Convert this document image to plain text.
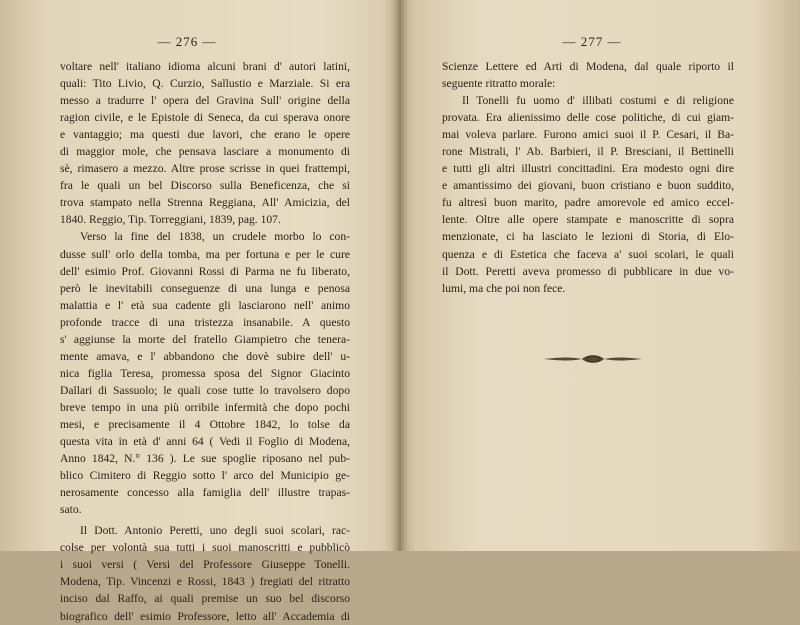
— 276 —
voltare nell' italiano idioma alcuni brani d' autori latini,
quali: Tito Livio, Q. Curzio, Sallustio e Marziale. Si era
messo a tradurre l' opera del Gravina Sull' origine della
ragion civile, e le Epistole di Seneca, da cui sperava onore
e vantaggio; ma questi due lavori, che erano le opere
di maggior mole, che pensava lasciare a monumento di
sè, rimasero a mezzo. Altre prose scrisse in quei frattempi,
fra le quali un bel Discorso sulla Beneficenza, che si
trova stampato nella Strenna Reggiana, All' Amicizia, del
1840. Reggio, Tip. Torreggiani, 1839, pag. 107.
Verso la fine del 1838, un crudele morbo lo con-
dusse sull' orlo della tomba, ma per fortuna e per le cure
dell' esimio Prof. Giovanni Rossi di Parma ne fu liberato,
però le inevitabili conseguenze di una lunga e penosa
malattia e l' età sua cadente gli lasciarono nell' animo
profonde tracce di una tristezza insanabile. A questo
s' aggiunse la morte del fratello Giampietro che tenera-
mente amava, e l' abbandono che dovè subire dell' u-
nica figlia Teresa, promessa sposa del Signor Giacinto
Dallari di Sassuolo; le quali cose tutte lo travolsero dopo
breve tempo in una più orribile infermità che dopo pochi
mesi, e precisamente il 4 Ottobre 1842, lo tolse da
questa vita in età d' anni 64 ( Vedi il Foglio di Modena,
Anno 1842, N.° 136 ). Le sue spoglie riposano nel pub-
blico Cimitero di Reggio sotto l' arco del Municipio ge-
nerosamente concesso alla famiglia dell' illustre trapas-
sato.
Il Dott. Antonio Peretti, uno degli suoi scolari, rac-
colse per volontà sua tutti i suoi manoscritti e pubblicò
i suoi versi ( Versi del Professore Giuseppe Tonelli.
Modena, Tip. Vincenzi e Rossi, 1843 ) fregiati del ritratto
inciso dal Raffo, ai quali premise un suo bel discorso
biografico dell' esimio Professore, letto all' Accademia di
— 277 —
Scienze Lettere ed Arti di Modena, dal quale riporto il
seguente ritratto morale:
Il Tonelli fu uomo d' illibati costumi e di religione
provata. Era alienissimo delle cose politiche, di cui giam-
mai voleva parlare. Furono amici suoi il P. Cesari, il Ba-
rone Mistrali, l' Ab. Barbieri, il P. Bresciani, il Bettinelli
e tutti gli altri illustri concittadini. Era modesto ogni dire
e amantissimo dei giovani, buon cristiano e buon suddito,
fu altresì buon marito, padre amorevole ed amico eccel-
lente. Oltre alle opere stampate e manoscritte di sopra
menzionate, ci ha lasciato le lezioni di Storia, di Elo-
quenza e di Estetica che faceva a' suoi scolari, le quali
il Dott. Peretti aveva promesso di pubblicare in due vo-
lumi, ma che poi non fece.
